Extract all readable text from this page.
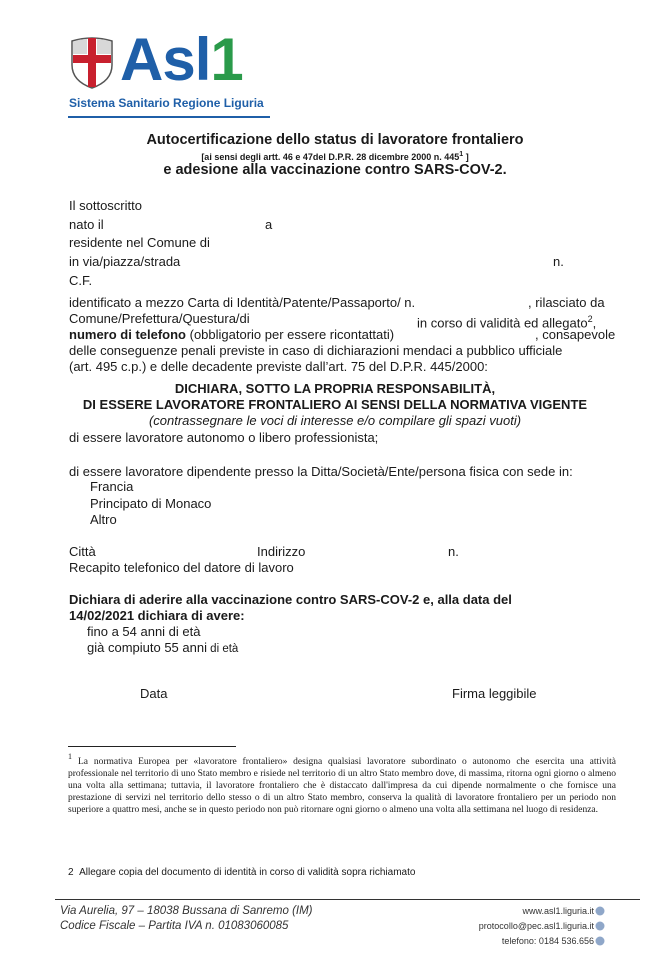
Asl1
Sistema Sanitario Regione Liguria
Autocertificazione dello status di lavoratore frontaliero
[ai sensi degli artt. 46 e 47del D.P.R. 28 dicembre 2000 n. $445^1$ ]
e adesione alla vaccinazione contro SARS-COV-2.
Il sottoscritto
nato il	a
residente nel Comune di
in via/piazza/strada	n.
C.F.
identificato a mezzo Carta di Identità/Patente/Passaporto/ n.	, rilasciato da
Comune/Prefettura/Questura/di	in corso di validità ed allegato$^2$,
numero di telefono (obbligatorio per essere ricontattati)	, consapevole
delle conseguenze penali previste in caso di dichiarazioni mendaci a pubblico ufficiale
(art. 495 c.p.) e delle decadente previste dall’art. 75 del D.P.R. 445/2000:
DICHIARA, SOTTO LA PROPRIA RESPONSABILITÀ,
DI ESSERE LAVORATORE FRONTALIERO AI SENSI DELLA NORMATIVA VIGENTE
(contrassegnare le voci di interesse e/o compilare gli spazi vuoti)
di essere lavoratore autonomo o libero professionista;
di essere lavoratore dipendente presso la Ditta/Società/Ente/persona fisica con sede in:
Francia
Principato di Monaco
Altro
Città	Indirizzo	n.
Recapito telefonico del datore di lavoro
Dichiara di aderire alla vaccinazione contro SARS-COV-2 e, alla data del
14/02/2021 dichiara di avere:
fino a 54 anni di età
già compiuto 55 anni di età
Data	Firma leggibile
1
La normativa Europea per «lavoratore frontaliero» designa qualsiasi lavoratore subordinato o autonomo che esercita una attività professionale nel territorio di uno Stato membro e risiede nel territorio di un altro Stato membro dove, di massima, ritorna ogni giorno o almeno una volta alla settimana; tuttavia, il lavoratore frontaliero che è distaccato dall'impresa da cui dipende normalmente o che fornisce una prestazione di servizi nel territorio dello stesso o di un altro Stato membro, conserva la qualità di lavoratore frontaliero per un periodo non superiore a quattro mesi, anche se in questo periodo non può ritornare ogni giorno o almeno una volta alla settimana nel luogo di residenza.
2 Allegare copia del documento di identità in corso di validità sopra richiamato
Via Aurelia, 97 – 18038 Bussana di Sanremo (IM)
Codice Fiscale – Partita IVA n. 01083060085
www.asl1.liguria.it
protocollo@pec.asl1.liguria.it
telefono: 0184 536.656
